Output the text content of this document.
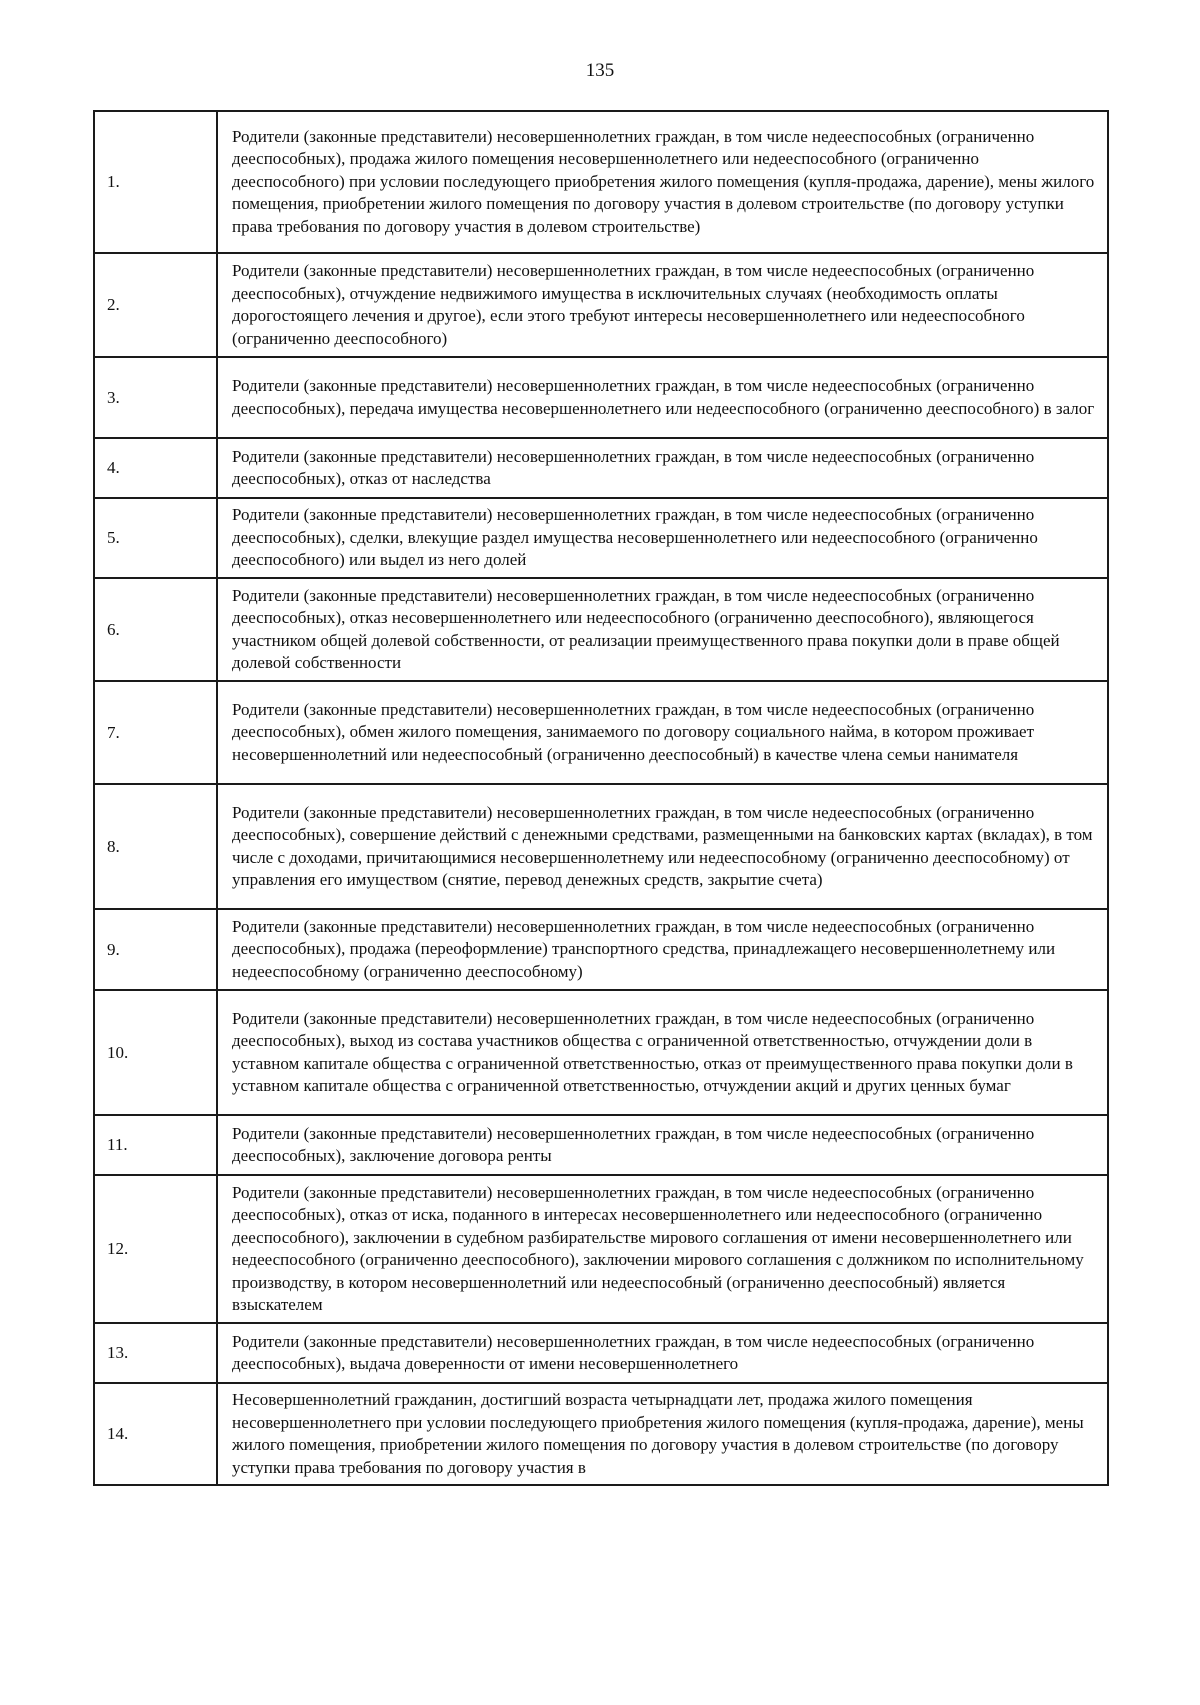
135
1.	Родители (законные представители) несовершеннолетних граждан, в том числе недееспособных (ограниченно дееспособных), продажа жилого помещения несовершеннолетнего или недееспособного (ограниченно дееспособного) при условии последующего приобретения жилого помещения (купля-продажа, дарение), мены жилого помещения, приобретении жилого помещения по договору участия в долевом строительстве (по договору уступки права требования по договору участия в долевом строительстве)
2.	Родители (законные представители) несовершеннолетних граждан, в том числе недееспособных (ограниченно дееспособных), отчуждение недвижимого имущества в исключительных случаях (необходимость оплаты дорогостоящего лечения и другое), если этого требуют интересы несовершеннолетнего или недееспособного (ограниченно дееспособного)
3.	Родители (законные представители) несовершеннолетних граждан, в том числе недееспособных (ограниченно дееспособных), передача имущества несовершеннолетнего или недееспособного (ограниченно дееспособного) в залог
4.	Родители (законные представители) несовершеннолетних граждан, в том числе недееспособных (ограниченно дееспособных), отказ от наследства
5.	Родители (законные представители) несовершеннолетних граждан, в том числе недееспособных (ограниченно дееспособных), сделки, влекущие раздел имущества несовершеннолетнего или недееспособного (ограниченно дееспособного) или выдел из него долей
6.	Родители (законные представители) несовершеннолетних граждан, в том числе недееспособных (ограниченно дееспособных), отказ несовершеннолетнего или недееспособного (ограниченно дееспособного), являющегося участником общей долевой собственности, от реализации преимущественного права покупки доли в праве общей долевой собственности
7.	Родители (законные представители) несовершеннолетних граждан, в том числе недееспособных (ограниченно дееспособных), обмен жилого помещения, занимаемого по договору социального найма, в котором проживает несовершеннолетний или недееспособный (ограниченно дееспособный) в качестве члена семьи нанимателя
8.	Родители (законные представители) несовершеннолетних граждан, в том числе недееспособных (ограниченно дееспособных), совершение действий с денежными средствами, размещенными на банковских картах (вкладах), в том числе с доходами, причитающимися несовершеннолетнему или недееспособному (ограниченно дееспособному) от управления его имуществом (снятие, перевод денежных средств, закрытие счета)
9.	Родители (законные представители) несовершеннолетних граждан, в том числе недееспособных (ограниченно дееспособных), продажа (переоформление) транспортного средства, принадлежащего несовершеннолетнему или недееспособному (ограниченно дееспособному)
10.	Родители (законные представители) несовершеннолетних граждан, в том числе недееспособных (ограниченно дееспособных), выход из состава участников общества с ограниченной ответственностью, отчуждении доли в уставном капитале общества с ограниченной ответственностью, отказ от преимущественного права покупки доли в уставном капитале общества с ограниченной ответственностью, отчуждении акций и других ценных бумаг
11.	Родители (законные представители) несовершеннолетних граждан, в том числе недееспособных (ограниченно дееспособных), заключение договора ренты
12.	Родители (законные представители) несовершеннолетних граждан, в том числе недееспособных (ограниченно дееспособных), отказ от иска, поданного в интересах несовершеннолетнего или недееспособного (ограниченно дееспособного), заключении в судебном разбирательстве мирового соглашения от имени несовершеннолетнего или недееспособного (ограниченно дееспособного), заключении мирового соглашения с должником по исполнительному производству, в котором несовершеннолетний или недееспособный (ограниченно дееспособный) является взыскателем
13.	Родители (законные представители) несовершеннолетних граждан, в том числе недееспособных (ограниченно дееспособных), выдача доверенности от имени несовершеннолетнего
14.	Несовершеннолетний гражданин, достигший возраста четырнадцати лет, продажа жилого помещения несовершеннолетнего при условии последующего приобретения жилого помещения (купля-продажа, дарение), мены жилого помещения, приобретении жилого помещения по договору участия в долевом строительстве (по договору уступки права требования по договору участия в
